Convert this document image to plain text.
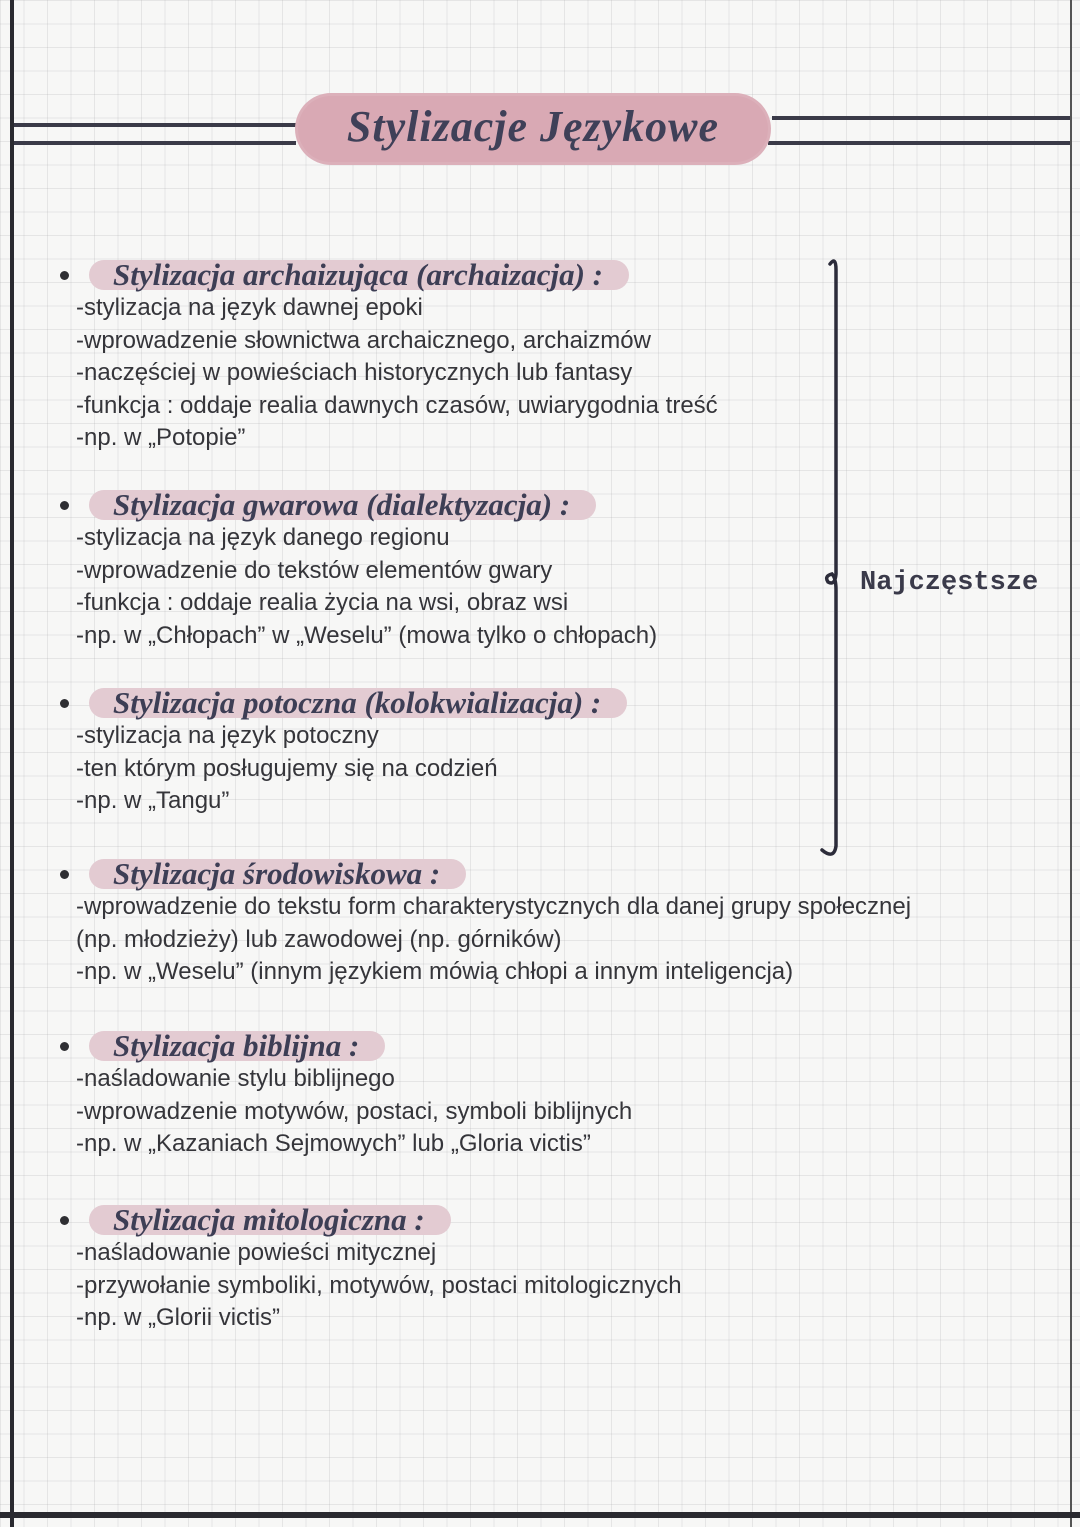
Stylizacje Językowe
Stylizacja archaizująca (archaizacja) :
-stylizacja na język dawnej epoki
-wprowadzenie słownictwa archaicznego, archaizmów
-naczęściej w powieściach historycznych lub fantasy
-funkcja : oddaje realia dawnych czasów, uwiarygodnia treść
-np. w „Potopie”
Stylizacja gwarowa (dialektyzacja) :
-stylizacja na język danego regionu
-wprowadzenie do tekstów elementów gwary
-funkcja : oddaje realia życia na wsi, obraz wsi
-np. w „Chłopach” w „Weselu” (mowa tylko o chłopach)
Stylizacja potoczna (kolokwializacja) :
-stylizacja na język potoczny
-ten którym posługujemy się na codzień
-np. w „Tangu”
Stylizacja środowiskowa :
-wprowadzenie do tekstu form charakterystycznych dla danej grupy społecznej
(np. młodzieży) lub zawodowej (np. górników)
-np. w „Weselu” (innym językiem mówią chłopi a innym inteligencja)
Stylizacja biblijna :
-naśladowanie stylu biblijnego
-wprowadzenie motywów, postaci, symboli biblijnych
-np. w „Kazaniach Sejmowych” lub „Gloria victis”
Stylizacja mitologiczna :
-naśladowanie powieści mitycznej
-przywołanie symboliki, motywów, postaci mitologicznych
-np. w „Glorii victis”
Najczęstsze
